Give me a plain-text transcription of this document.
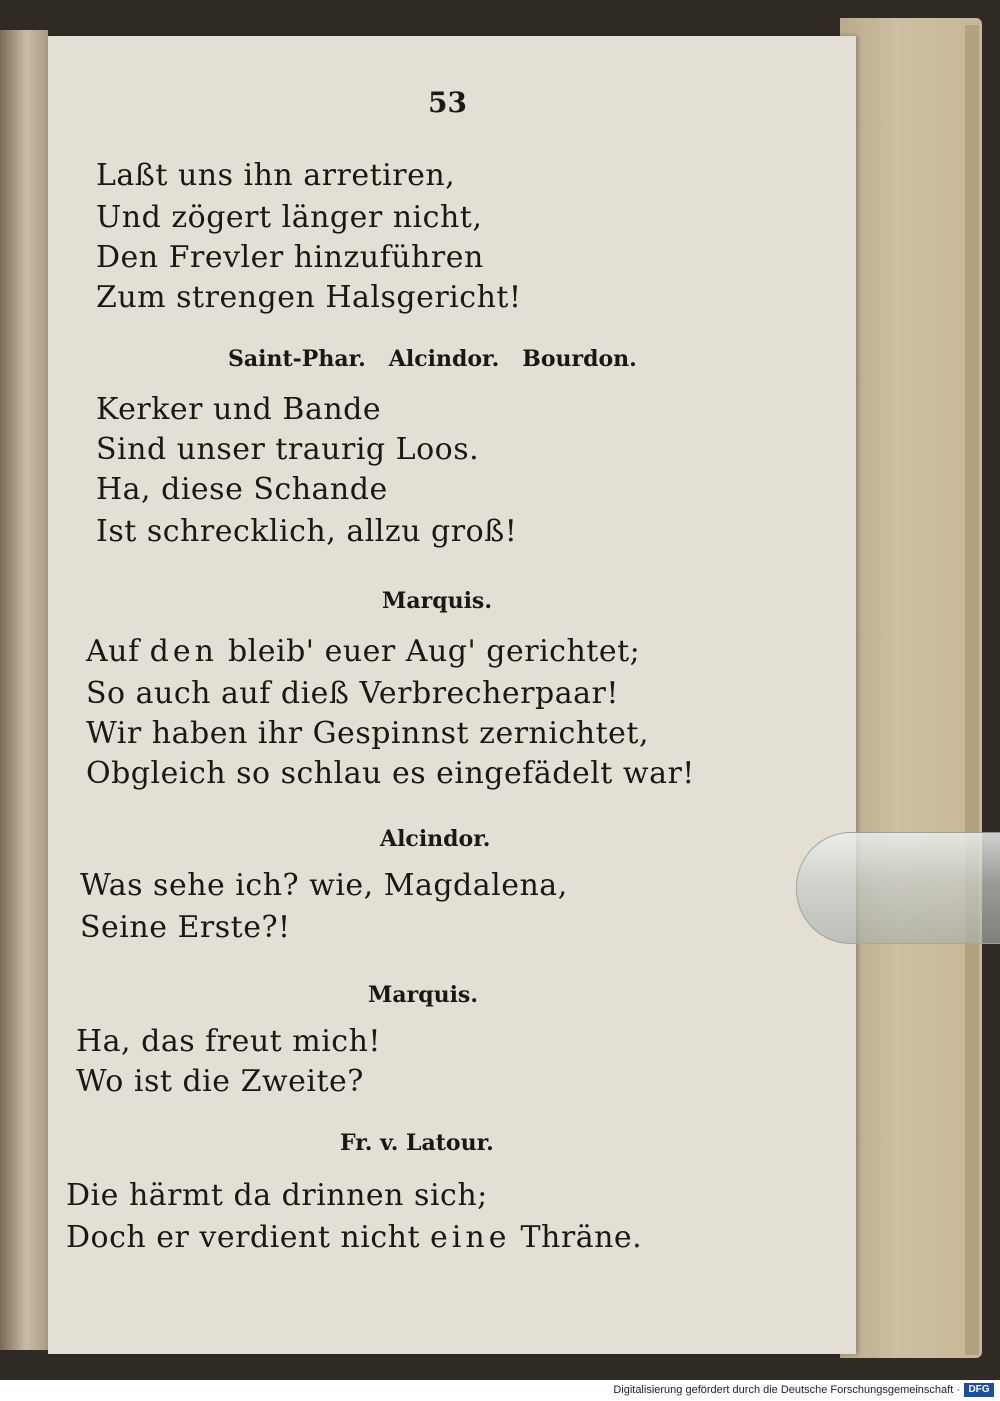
53
Laßt uns ihn arretiren,
Und zögert länger nicht,
Den Frevler hinzuführen
Zum strengen Halsgericht!
Saint-Phar.   Alcindor.   Bourdon.
Kerker und Bande
Sind unser traurig Loos.
Ha, diese Schande
Ist schrecklich, allzu groß!
Marquis.
Auf den bleib' euer Aug' gerichtet;
So auch auf dieß Verbrecherpaar!
Wir haben ihr Gespinnst zernichtet,
Obgleich so schlau es eingefädelt war!
Alcindor.
Was sehe ich? wie, Magdalena,
Seine Erste?!
Marquis.
Ha, das freut mich!
Wo ist die Zweite?
Fr. v. Latour.
Die härmt da drinnen sich;
Doch er verdient nicht eine Thräne.
Digitalisierung gefördert durch die Deutsche Forschungsgemeinschaft · DFG
